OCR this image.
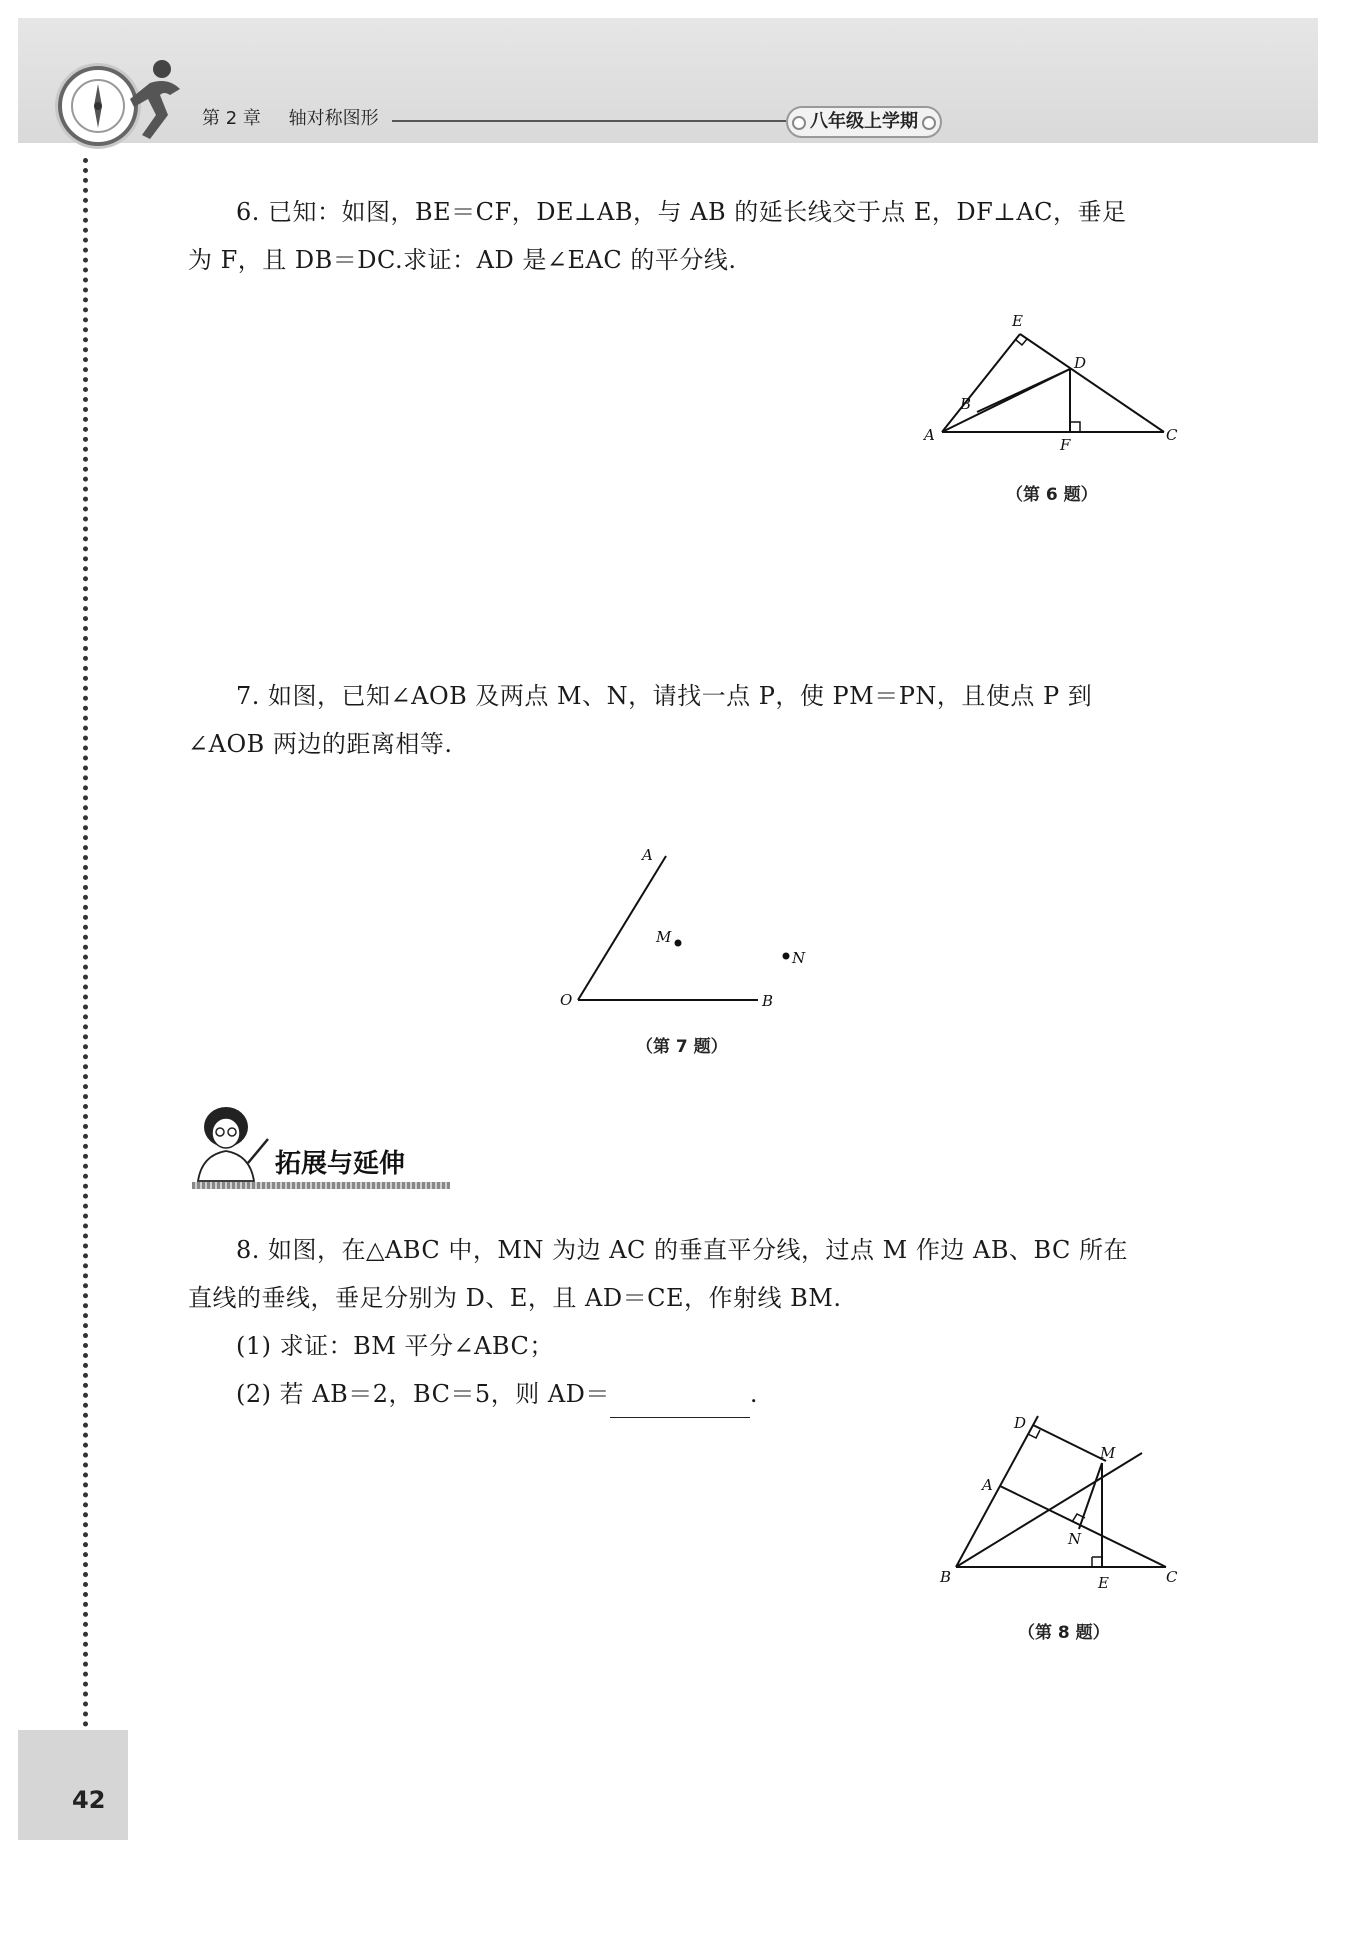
第 2 章 轴对称图形	八年级上学期
42
6. 已知：如图，BE＝CF，DE⊥AB，与 AB 的延长线交于点 E，DF⊥AC，垂足
为 F，且 DB＝DC.求证：AD 是∠EAC 的平分线.
E
D
B
A
F
C
（第 6 题）
7. 如图，已知∠AOB 及两点 M、N，请找一点 P，使 PM＝PN，且使点 P 到
∠AOB 两边的距离相等.
A
M
N
O	B
（第 7 题）
拓展与延伸
8. 如图，在△ABC 中，MN 为边 AC 的垂直平分线，过点 M 作边 AB、BC 所在
直线的垂线，垂足分别为 D、E，且 AD＝CE，作射线 BM.
(1) 求证：BM 平分∠ABC；
(2) 若 AB＝2，BC＝5，则 AD＝	.
D
A
M
N
B	E	C
（第 8 题）
